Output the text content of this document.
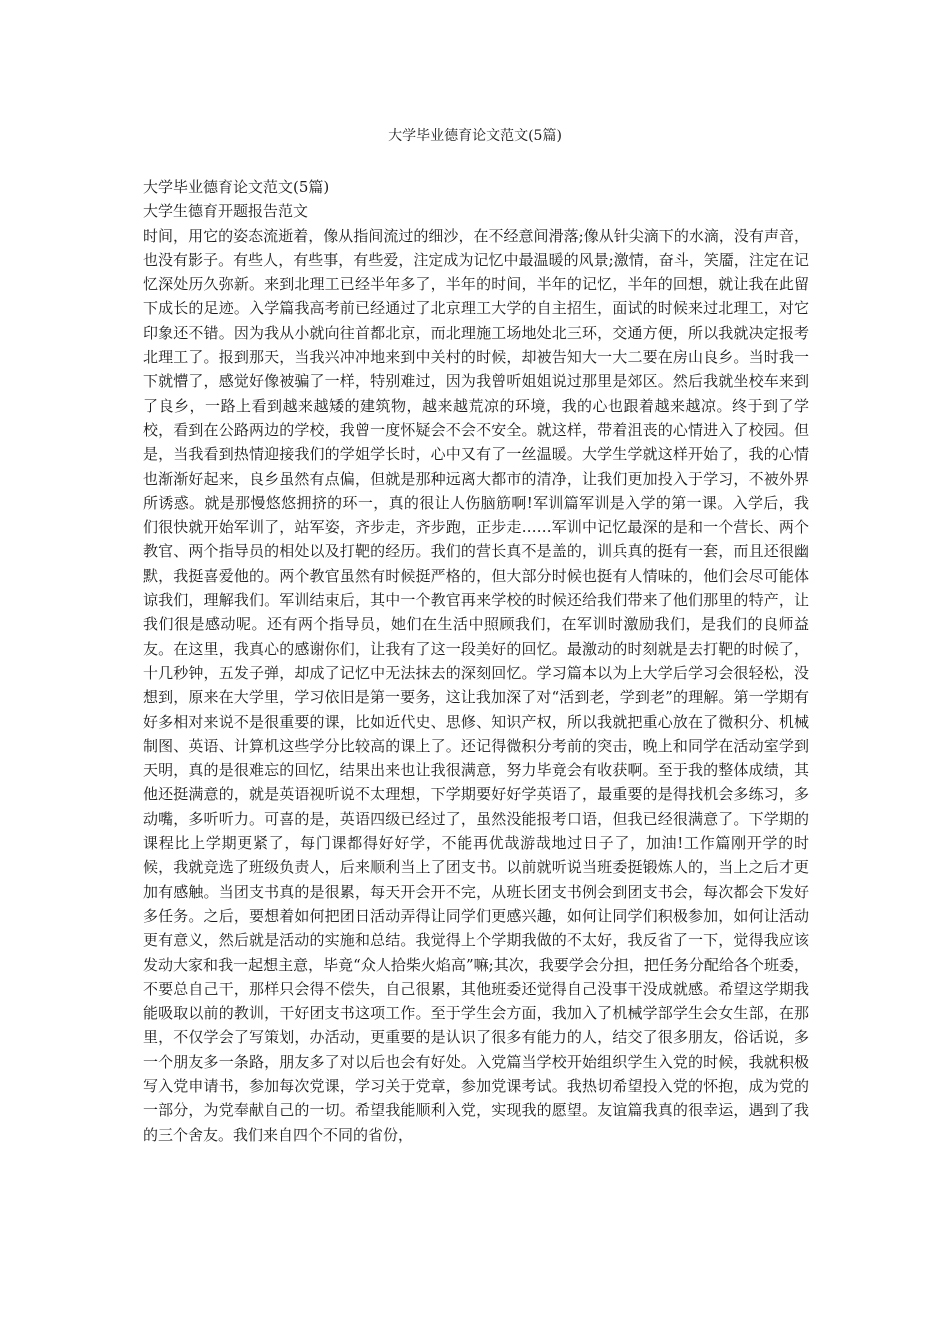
大学毕业德育论文范文(5篇)

大学毕业德育论文范文(5篇)

大学生德育开题报告范文

时间，用它的姿态流逝着，像从指间流过的细沙，在不经意间滑落;像从针尖滴下的水滴，没有声音，也没有影子。有些人，有些事，有些爱，注定成为记忆中最温暖的风景;激情，奋斗，笑靥，注定在记忆深处历久弥新。来到北理工已经半年多了，半年的时间，半年的记忆，半年的回想，就让我在此留下成长的足迹。入学篇我高考前已经通过了北京理工大学的自主招生，面试的时候来过北理工，对它印象还不错。因为我从小就向往首都北京，而北理施工场地处北三环，交通方便，所以我就决定报考北理工了。报到那天，当我兴冲冲地来到中关村的时候，却被告知大一大二要在房山良乡。当时我一下就懵了，感觉好像被骗了一样，特别难过，因为我曾听姐姐说过那里是郊区。然后我就坐校车来到了良乡，一路上看到越来越矮的建筑物，越来越荒凉的环境，我的心也跟着越来越凉。终于到了学校，看到在公路两边的学校，我曾一度怀疑会不会不安全。就这样，带着沮丧的心情进入了校园。但是，当我看到热情迎接我们的学姐学长时，心中又有了一丝温暖。大学生学就这样开始了，我的心情也渐渐好起来，良乡虽然有点偏，但就是那种远离大都市的清净，让我们更加投入于学习，不被外界所诱惑。就是那慢悠悠拥挤的环一，真的很让人伤脑筋啊!军训篇军训是入学的第一课。入学后，我们很快就开始军训了，站军姿，齐步走，齐步跑，正步走……军训中记忆最深的是和一个营长、两个教官、两个指导员的相处以及打靶的经历。我们的营长真不是盖的，训兵真的挺有一套，而且还很幽默，我挺喜爱他的。两个教官虽然有时候挺严格的，但大部分时候也挺有人情味的，他们会尽可能体谅我们，理解我们。军训结束后，其中一个教官再来学校的时候还给我们带来了他们那里的特产，让我们很是感动呢。还有两个指导员，她们在生活中照顾我们，在军训时激励我们，是我们的良师益友。在这里，我真心的感谢你们，让我有了这一段美好的回忆。最激动的时刻就是去打靶的时候了，十几秒钟，五发子弹，却成了记忆中无法抹去的深刻回忆。学习篇本以为上大学后学习会很轻松，没想到，原来在大学里，学习依旧是第一要务，这让我加深了对“活到老，学到老”的理解。第一学期有好多相对来说不是很重要的课，比如近代史、思修、知识产权，所以我就把重心放在了微积分、机械制图、英语、计算机这些学分比较高的课上了。还记得微积分考前的突击，晚上和同学在活动室学到天明，真的是很难忘的回忆，结果出来也让我很满意，努力毕竟会有收获啊。至于我的整体成绩，其他还挺满意的，就是英语视听说不太理想，下学期要好好学英语了，最重要的是得找机会多练习，多动嘴，多听听力。可喜的是，英语四级已经过了，虽然没能报考口语，但我已经很满意了。下学期的课程比上学期更紧了，每门课都得好好学，不能再优哉游哉地过日子了，加油!工作篇刚开学的时候，我就竞选了班级负责人，后来顺利当上了团支书。以前就听说当班委挺锻炼人的，当上之后才更加有感触。当团支书真的是很累，每天开会开不完，从班长团支书例会到团支书会，每次都会下发好多任务。之后，要想着如何把团日活动弄得让同学们更感兴趣，如何让同学们积极参加，如何让活动更有意义，然后就是活动的实施和总结。我觉得上个学期我做的不太好，我反省了一下，觉得我应该发动大家和我一起想主意，毕竟“众人拾柴火焰高”嘛;其次，我要学会分担，把任务分配给各个班委，不要总自己干，那样只会得不偿失，自己很累，其他班委还觉得自己没事干没成就感。希望这学期我能吸取以前的教训，干好团支书这项工作。至于学生会方面，我加入了机械学部学生会女生部，在那里，不仅学会了写策划，办活动，更重要的是认识了很多有能力的人，结交了很多朋友，俗话说，多一个朋友多一条路，朋友多了对以后也会有好处。入党篇当学校开始组织学生入党的时候，我就积极写入党申请书，参加每次党课，学习关于党章，参加党课考试。我热切希望投入党的怀抱，成为党的一部分，为党奉献自己的一切。希望我能顺利入党，实现我的愿望。友谊篇我真的很幸运，遇到了我的三个舍友。我们来自四个不同的省份，
